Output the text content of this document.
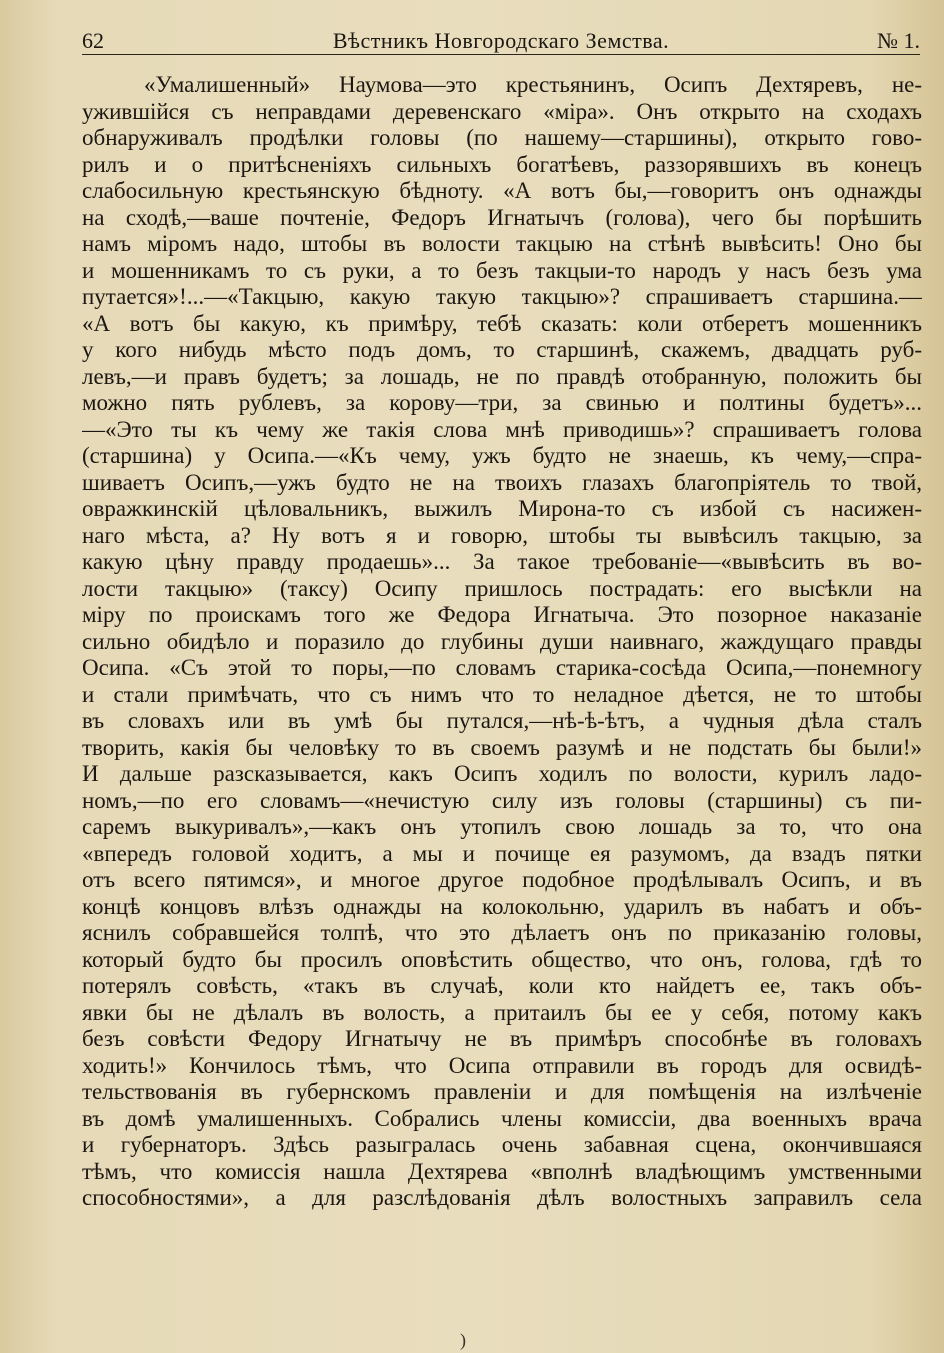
62	Вѣстникъ Новгородскаго Земства.	№ 1.
«Умалишенный» Наумова—это крестьянинъ, Осипъ Дехтяревъ, не-
ужившійся съ неправдами деревенскаго «міра». Онъ открыто на сходахъ
обнаруживалъ продѣлки головы (по нашему—старшины), открыто гово-
рилъ и о притѣсненіяхъ сильныхъ богатѣевъ, раззорявшихъ въ конецъ
слабосильную крестьянскую бѣдноту. «А вотъ бы,—говоритъ онъ однажды
на сходѣ,—ваше почтеніе, Федоръ Игнатычъ (голова), чего бы порѣшить
намъ міромъ надо, штобы въ волости такцыю на стѣнѣ вывѣсить! Оно бы
и мошенникамъ то съ руки, а то безъ такцыи-то народъ у насъ безъ ума
путается»!...—«Такцыю, какую такую такцыю»? спрашиваетъ старшина.—
«А вотъ бы какую, къ примѣру, тебѣ сказать: коли отберетъ мошенникъ
у кого нибудь мѣсто подъ домъ, то старшинѣ, скажемъ, двадцать руб-
левъ,—и правъ будетъ; за лошадь, не по правдѣ отобранную, положить бы
можно пять рублевъ, за корову—три, за свинью и полтины будетъ»...
—«Это ты къ чему же такія слова мнѣ приводишь»? спрашиваетъ голова
(старшина) у Осипа.—«Къ чему, ужъ будто не знаешь, къ чему,—спра-
шиваетъ Осипъ,—ужъ будто не на твоихъ глазахъ благопріятель то твой,
овражкинскій цѣловальникъ, выжилъ Мирона-то съ избой съ насижен-
наго мѣста, а? Ну вотъ я и говорю, штобы ты вывѣсилъ такцыю, за
какую цѣну правду продаешь»... За такое требованіе—«вывѣсить въ во-
лости такцыю» (таксу) Осипу пришлось пострадать: его высѣкли на
міру по проискамъ того же Федора Игнатыча. Это позорное наказаніе
сильно обидѣло и поразило до глубины души наивнаго, жаждущаго правды
Осипа. «Съ этой то поры,—по словамъ старика-сосѣда Осипа,—понемногу
и стали примѣчать, что съ нимъ что то неладное дѣется, не то штобы
въ словахъ или въ умѣ бы путался,—нѣ-ѣ-ѣтъ, а чудныя дѣла сталъ
творить, какія бы человѣку то въ своемъ разумѣ и не подстать бы были!»
И дальше разсказывается, какъ Осипъ ходилъ по волости, курилъ ладо-
номъ,—по его словамъ—«нечистую силу изъ головы (старшины) съ пи-
саремъ выкуривалъ»,—какъ онъ утопилъ свою лошадь за то, что она
«впередъ головой ходитъ, а мы и почище ея разумомъ, да взадъ пятки
отъ всего пятимся», и многое другое подобное продѣлывалъ Осипъ, и въ
концѣ концовъ влѣзъ однажды на колокольню, ударилъ въ набатъ и объ-
яснилъ собравшейся толпѣ, что это дѣлаетъ онъ по приказанію головы,
который будто бы просилъ оповѣстить общество, что онъ, голова, гдѣ то
потерялъ совѣсть, «такъ въ случаѣ, коли кто найдетъ ее, такъ объ-
явки бы не дѣлалъ въ волость, а притаилъ бы ее у себя, потому какъ
безъ совѣсти Федору Игнатычу не въ примѣръ способнѣе въ головахъ
ходить!» Кончилось тѣмъ, что Осипа отправили въ городъ для освидѣ-
тельствованія въ губернскомъ правленіи и для помѣщенія на излѣченіе
въ домѣ умалишенныхъ. Собрались члены комиссіи, два военныхъ врача
и губернаторъ. Здѣсь разыгралась очень забавная сцена, окончившаяся
тѣмъ, что комиссія нашла Дехтярева «вполнѣ владѣющимъ умственными
способностями», а для разслѣдованія дѣлъ волостныхъ заправилъ села
)
